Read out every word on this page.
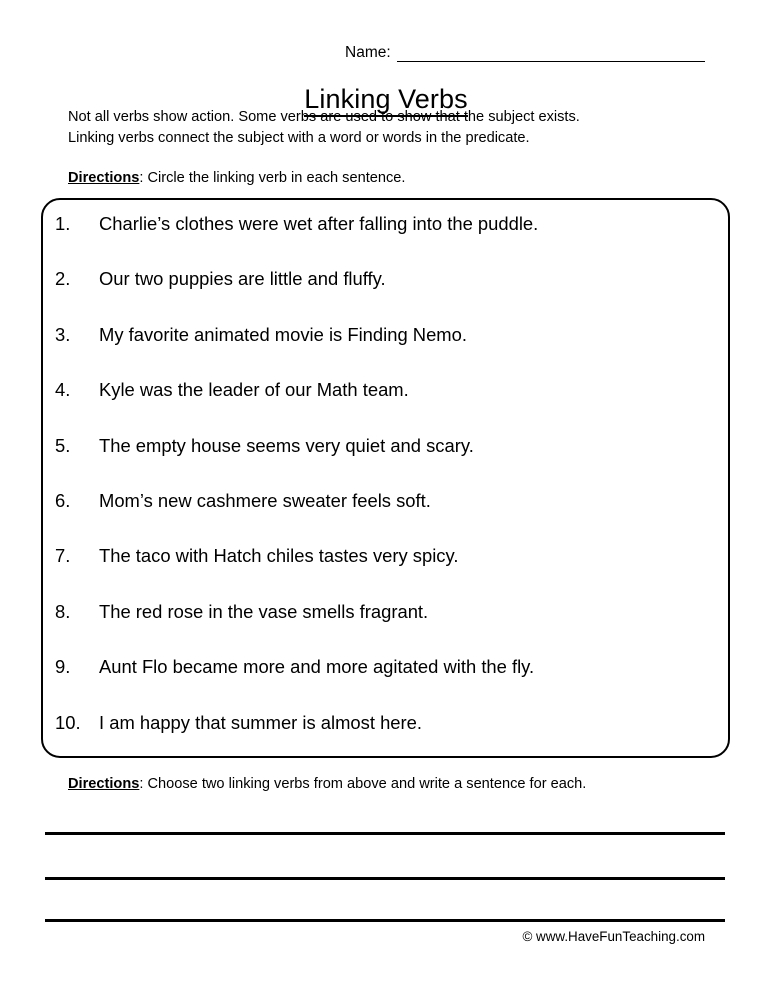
Name:
Linking Verbs
Not all verbs show action. Some verbs are used to show that the subject exists.
Linking verbs connect the subject with a word or words in the predicate.
Directions: Circle the linking verb in each sentence.
1.	Charlie’s clothes were wet after falling into the puddle.
2.	Our two puppies are little and fluffy.
3.	My favorite animated movie is Finding Nemo.
4.	Kyle was the leader of our Math team.
5.	The empty house seems very quiet and scary.
6.	Mom’s new cashmere sweater feels soft.
7.	The taco with Hatch chiles tastes very spicy.
8.	The red rose in the vase smells fragrant.
9.	Aunt Flo became more and more agitated with the fly.
10.	I am happy that summer is almost here.
Directions: Choose two linking verbs from above and write a sentence for each.
© www.HaveFunTeaching.com
